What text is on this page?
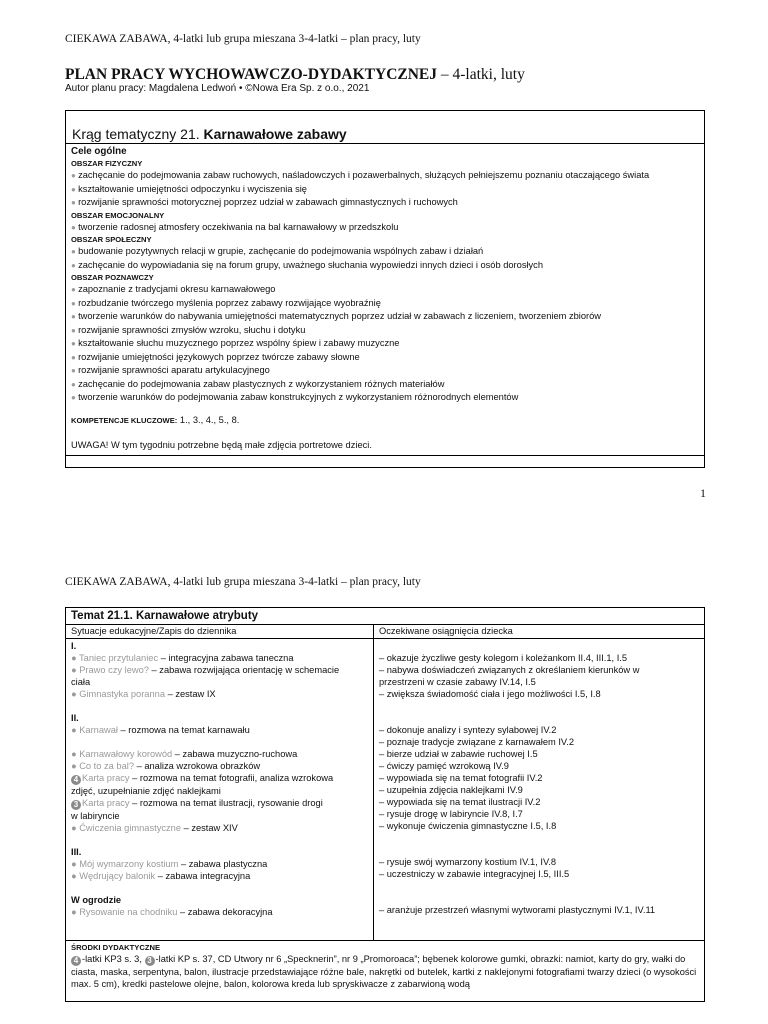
CIEKAWA ZABAWA, 4-latki lub grupa mieszana 3-4-latki – plan pracy, luty
PLAN PRACY WYCHOWAWCZO-DYDAKTYCZNEJ – 4-latki, luty
Autor planu pracy: Magdalena Ledwoń • ©Nowa Era Sp. z o.o., 2021
Krąg tematyczny 21. Karnawałowe zabawy
Cele ogólne
OBSZAR FIZYCZNY
● zachęcanie do podejmowania zabaw ruchowych, naśladowczych i pozawerbalnych, służących pełniejszemu poznaniu otaczającego świata
● kształtowanie umiejętności odpoczynku i wyciszenia się
● rozwijanie sprawności motorycznej poprzez udział w zabawach gimnastycznych i ruchowych
OBSZAR EMOCJONALNY
● tworzenie radosnej atmosfery oczekiwania na bal karnawałowy w przedszkolu
OBSZAR SPOŁECZNY
● budowanie pozytywnych relacji w grupie, zachęcanie do podejmowania wspólnych zabaw i działań
● zachęcanie do wypowiadania się na forum grupy, uważnego słuchania wypowiedzi innych dzieci i osób dorosłych
OBSZAR POZNAWCZY
● zapoznanie z tradycjami okresu karnawałowego
● rozbudzanie twórczego myślenia poprzez zabawy rozwijające wyobraźnię
● tworzenie warunków do nabywania umiejętności matematycznych poprzez udział w zabawach z liczeniem, tworzeniem zbiorów
● rozwijanie sprawności zmysłów wzroku, słuchu i dotyku
● kształtowanie słuchu muzycznego poprzez wspólny śpiew i zabawy muzyczne
● rozwijanie umiejętności językowych poprzez twórcze zabawy słowne
● rozwijanie sprawności aparatu artykulacyjnego
● zachęcanie do podejmowania zabaw plastycznych z wykorzystaniem różnych materiałów
● tworzenie warunków do podejmowania zabaw konstrukcyjnych z wykorzystaniem różnorodnych elementów
KOMPETENCJE KLUCZOWE: 1., 3., 4., 5., 8.
UWAGA! W tym tygodniu potrzebne będą małe zdjęcia portretowe dzieci.
1
CIEKAWA ZABAWA, 4-latki lub grupa mieszana 3-4-latki – plan pracy, luty
Temat 21.1. Karnawałowe atrybuty
Sytuacje edukacyjne/Zapis do dziennika	Oczekiwane osiągnięcia dziecka
I.
● Taniec przytulaniec – integracyjna zabawa taneczna
● Prawo czy lewo? – zabawa rozwijająca orientację w schemacie
ciała
● Gimnastyka poranna – zestaw IX
II.
● Karnawał – rozmowa na temat karnawału
● Karnawałowy korowód – zabawa muzyczno-ruchowa
● Co to za bal? – analiza wzrokowa obrazków
4 Karta pracy – rozmowa na temat fotografii, analiza wzrokowa
zdjęć, uzupełnianie zdjęć naklejkami
3 Karta pracy – rozmowa na temat ilustracji, rysowanie drogi
w labiryncie
● Ćwiczenia gimnastyczne – zestaw XIV
III.
● Mój wymarzony kostium – zabawa plastyczna
● Wędrujący balonik – zabawa integracyjna
W ogrodzie
● Rysowanie na chodniku – zabawa dekoracyjna
– okazuje życzliwe gesty kolegom i koleżankom II.4, III.1, I.5
– nabywa doświadczeń związanych z określaniem kierunków w
przestrzeni w czasie zabawy IV.14, I.5
– zwiększa świadomość ciała i jego możliwości I.5, I.8
– dokonuje analizy i syntezy sylabowej IV.2
– poznaje tradycje związane z karnawałem IV.2
– bierze udział w zabawie ruchowej I.5
– ćwiczy pamięć wzrokową IV.9
– wypowiada się na temat fotografii IV.2
– uzupełnia zdjęcia naklejkami IV.9
– wypowiada się na temat ilustracji IV.2
– rysuje drogę w labiryncie IV.8, I.7
– wykonuje ćwiczenia gimnastyczne I.5, I.8
– rysuje swój wymarzony kostium IV.1, IV.8
– uczestniczy w zabawie integracyjnej I.5, III.5
– aranżuje przestrzeń własnymi wytworami plastycznymi IV.1, IV.11
ŚRODKI DYDAKTYCZNE
4 -latki KP3 s. 3, 3 -latki KP s. 37, CD Utwory nr 6 „Specknerin”, nr 9 „Promoroaca”; bębenek kolorowe gumki, obrazki: namiot, karty do gry, wałki do ciasta, maska, serpentyna, balon, ilustracje przedstawiające różne bale, nakrętki od butelek, kartki z naklejonymi fotografiami twarzy dzieci (o wysokości max. 5 cm), kredki pastelowe olejne, balon, kolorowa kreda lub spryskiwacze z zabarwioną wodą
